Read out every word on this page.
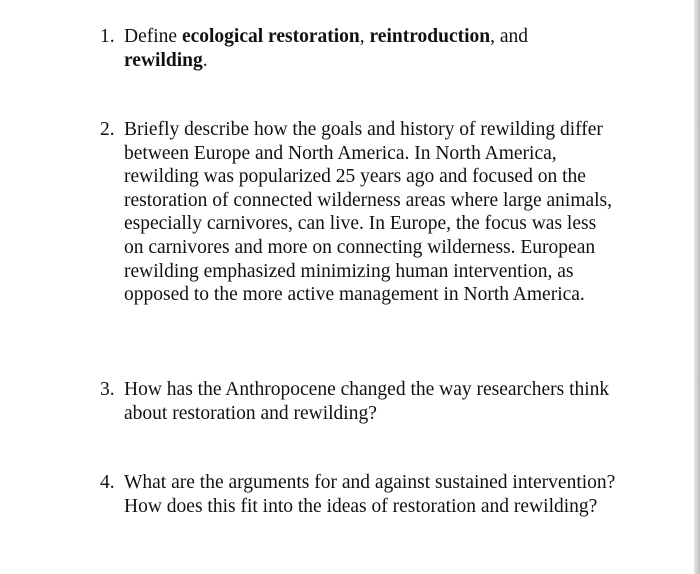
1. Define ecological restoration, reintroduction, and
rewilding.
2. Briefly describe how the goals and history of rewilding differ between Europe and North America. In North America, rewilding was popularized 25 years ago and focused on the restoration of connected wilderness areas where large animals, especially carnivores, can live. In Europe, the focus was less on carnivores and more on connecting wilderness. European rewilding emphasized minimizing human intervention, as opposed to the more active management in North America.
3. How has the Anthropocene changed the way researchers think about restoration and rewilding?
4. What are the arguments for and against sustained intervention? How does this fit into the ideas of restoration and rewilding?
